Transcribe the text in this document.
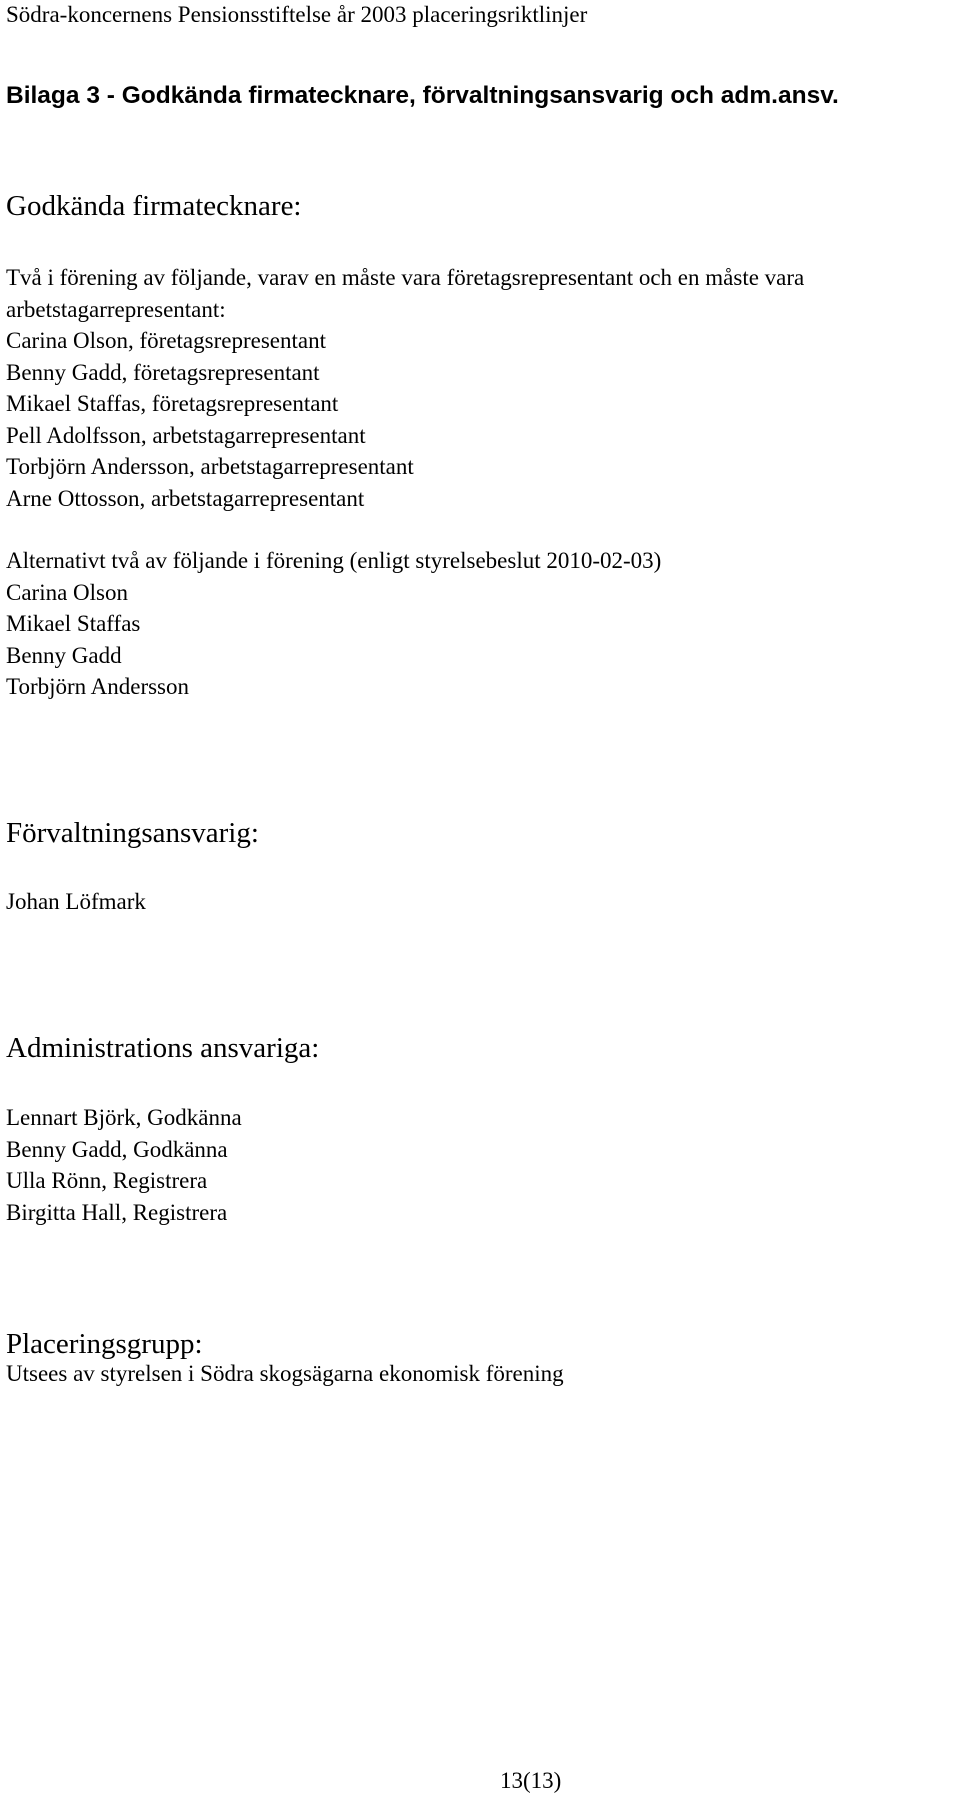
Södra-koncernens Pensionsstiftelse år 2003 placeringsriktlinjer
Bilaga 3 - Godkända firmatecknare, förvaltningsansvarig och adm.ansv.
Godkända firmatecknare:
Två i förening av följande, varav en måste vara företagsrepresentant och en måste vara
arbetstagarrepresentant:
Carina Olson, företagsrepresentant
Benny Gadd, företagsrepresentant
Mikael Staffas, företagsrepresentant
Pell Adolfsson, arbetstagarrepresentant
Torbjörn Andersson, arbetstagarrepresentant
Arne Ottosson, arbetstagarrepresentant
Alternativt två av följande i förening (enligt styrelsebeslut 2010-02-03)
Carina Olson
Mikael Staffas
Benny Gadd
Torbjörn Andersson
Förvaltningsansvarig:
Johan Löfmark
Administrations ansvariga:
Lennart Björk, Godkänna
Benny Gadd, Godkänna
Ulla Rönn, Registrera
Birgitta Hall, Registrera
Placeringsgrupp:
Utsees av styrelsen i Södra skogsägarna ekonomisk förening
13(13)
